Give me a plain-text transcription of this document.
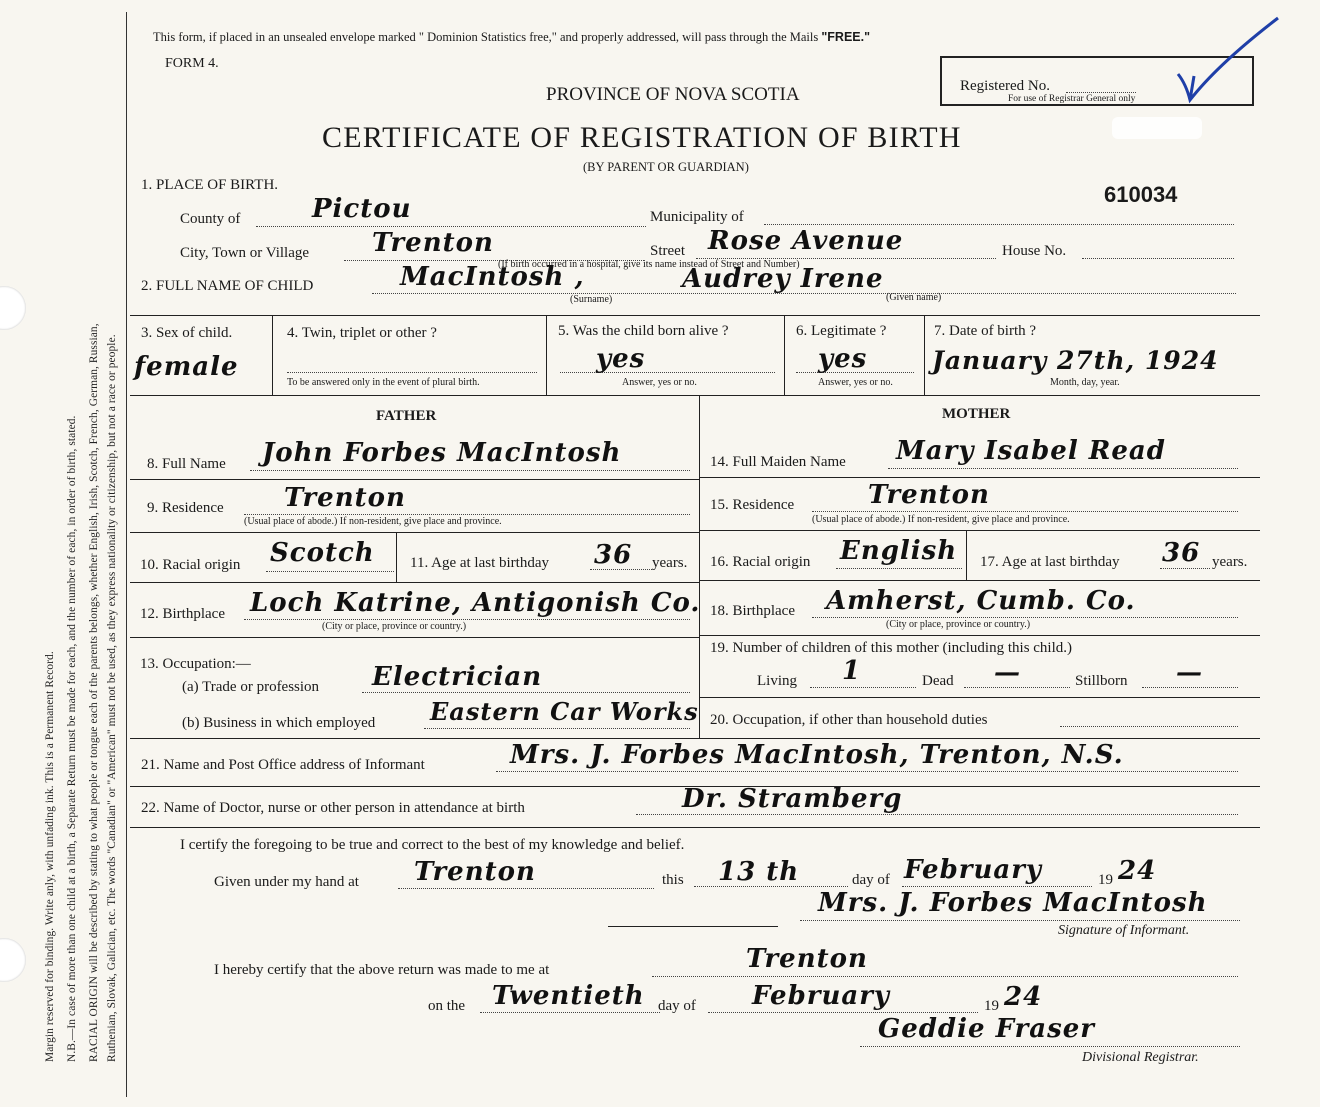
Margin reserved for binding. Write anly, with unfading ink. This is a Permanent Record. N.B.—In case of more than one child at a birth, a Separate Return must be made for each, and the number of each, in order of birth, stated. RACIAL ORIGIN will be described by stating to what people or tongue each of the parents belongs, whether English, Irish, Scotch, French, German, Russian, Ruthenian, Slovak, Galician, etc. The words "Canadian" or "American" must not be used, as they express nationality or citizenship, but not a race or people.
This form, if placed in an unsealed envelope marked " Dominion Statistics free," and properly addressed, will pass through the Mails "FREE."
FORM 4.
PROVINCE OF NOVA SCOTIA
CERTIFICATE OF REGISTRATION OF BIRTH
(BY PARENT OR GUARDIAN)
Registered No.
For use of Registrar General only
1. PLACE OF BIRTH.	610034
County of	Pictou	Municipality of
City, Town or Village Trenton	Street Rose Avenue	House No.
(If birth occurred in a hospital, give its name instead of Street and Number)
2. FULL NAME OF CHILD	MacIntosh ,	Audrey Irene
(Surname)	(Given name)
3. Sex of child.
female
4. Twin, triplet or other ?
To be answered only in the event of plural birth.
5. Was the child born alive ?
yes
Answer, yes or no.
6. Legitimate ?
yes
Answer, yes or no.
7. Date of birth ?
January 27th, 1924
Month, day, year.
FATHER	MOTHER
8. Full Name John Forbes MacIntosh
9. Residence Trenton
(Usual place of abode.) If non-resident, give place and province.
10. Racial origin Scotch 11. Age at last birthday 36 years.
12. Birthplace Loch Katrine, Antigonish Co.
(City or place, province or country.)
13. Occupation:—
(a) Trade or profession Electrician
(b) Business in which employed Eastern Car Works
14. Full Maiden Name Mary Isabel Read
15. Residence	Trenton
(Usual place of abode.) If non-resident, give place and province.
16. Racial origin English 17. Age at last birthday 36 years.
18. Birthplace Amherst, Cumb. Co.
(City or place, province or country.)
19. Number of children of this mother (including this child.)
Living 1	Dead —	Stillborn —
20. Occupation, if other than household duties
21. Name and Post Office address of Informant	Mrs. J. Forbes MacIntosh, Trenton, N.S.
22. Name of Doctor, nurse or other person in attendance at birth	Dr. Stramberg
I certify the foregoing to be true and correct to the best of my knowledge and belief.
Given under my hand at Trenton	this 13 th	day of February	19 24
Mrs. J. Forbes MacIntosh
Signature of Informant.
I hereby certify that the above return was made to me at	Trenton
on the Twentieth day of February	19 24
Geddie Fraser
Divisional Registrar.
